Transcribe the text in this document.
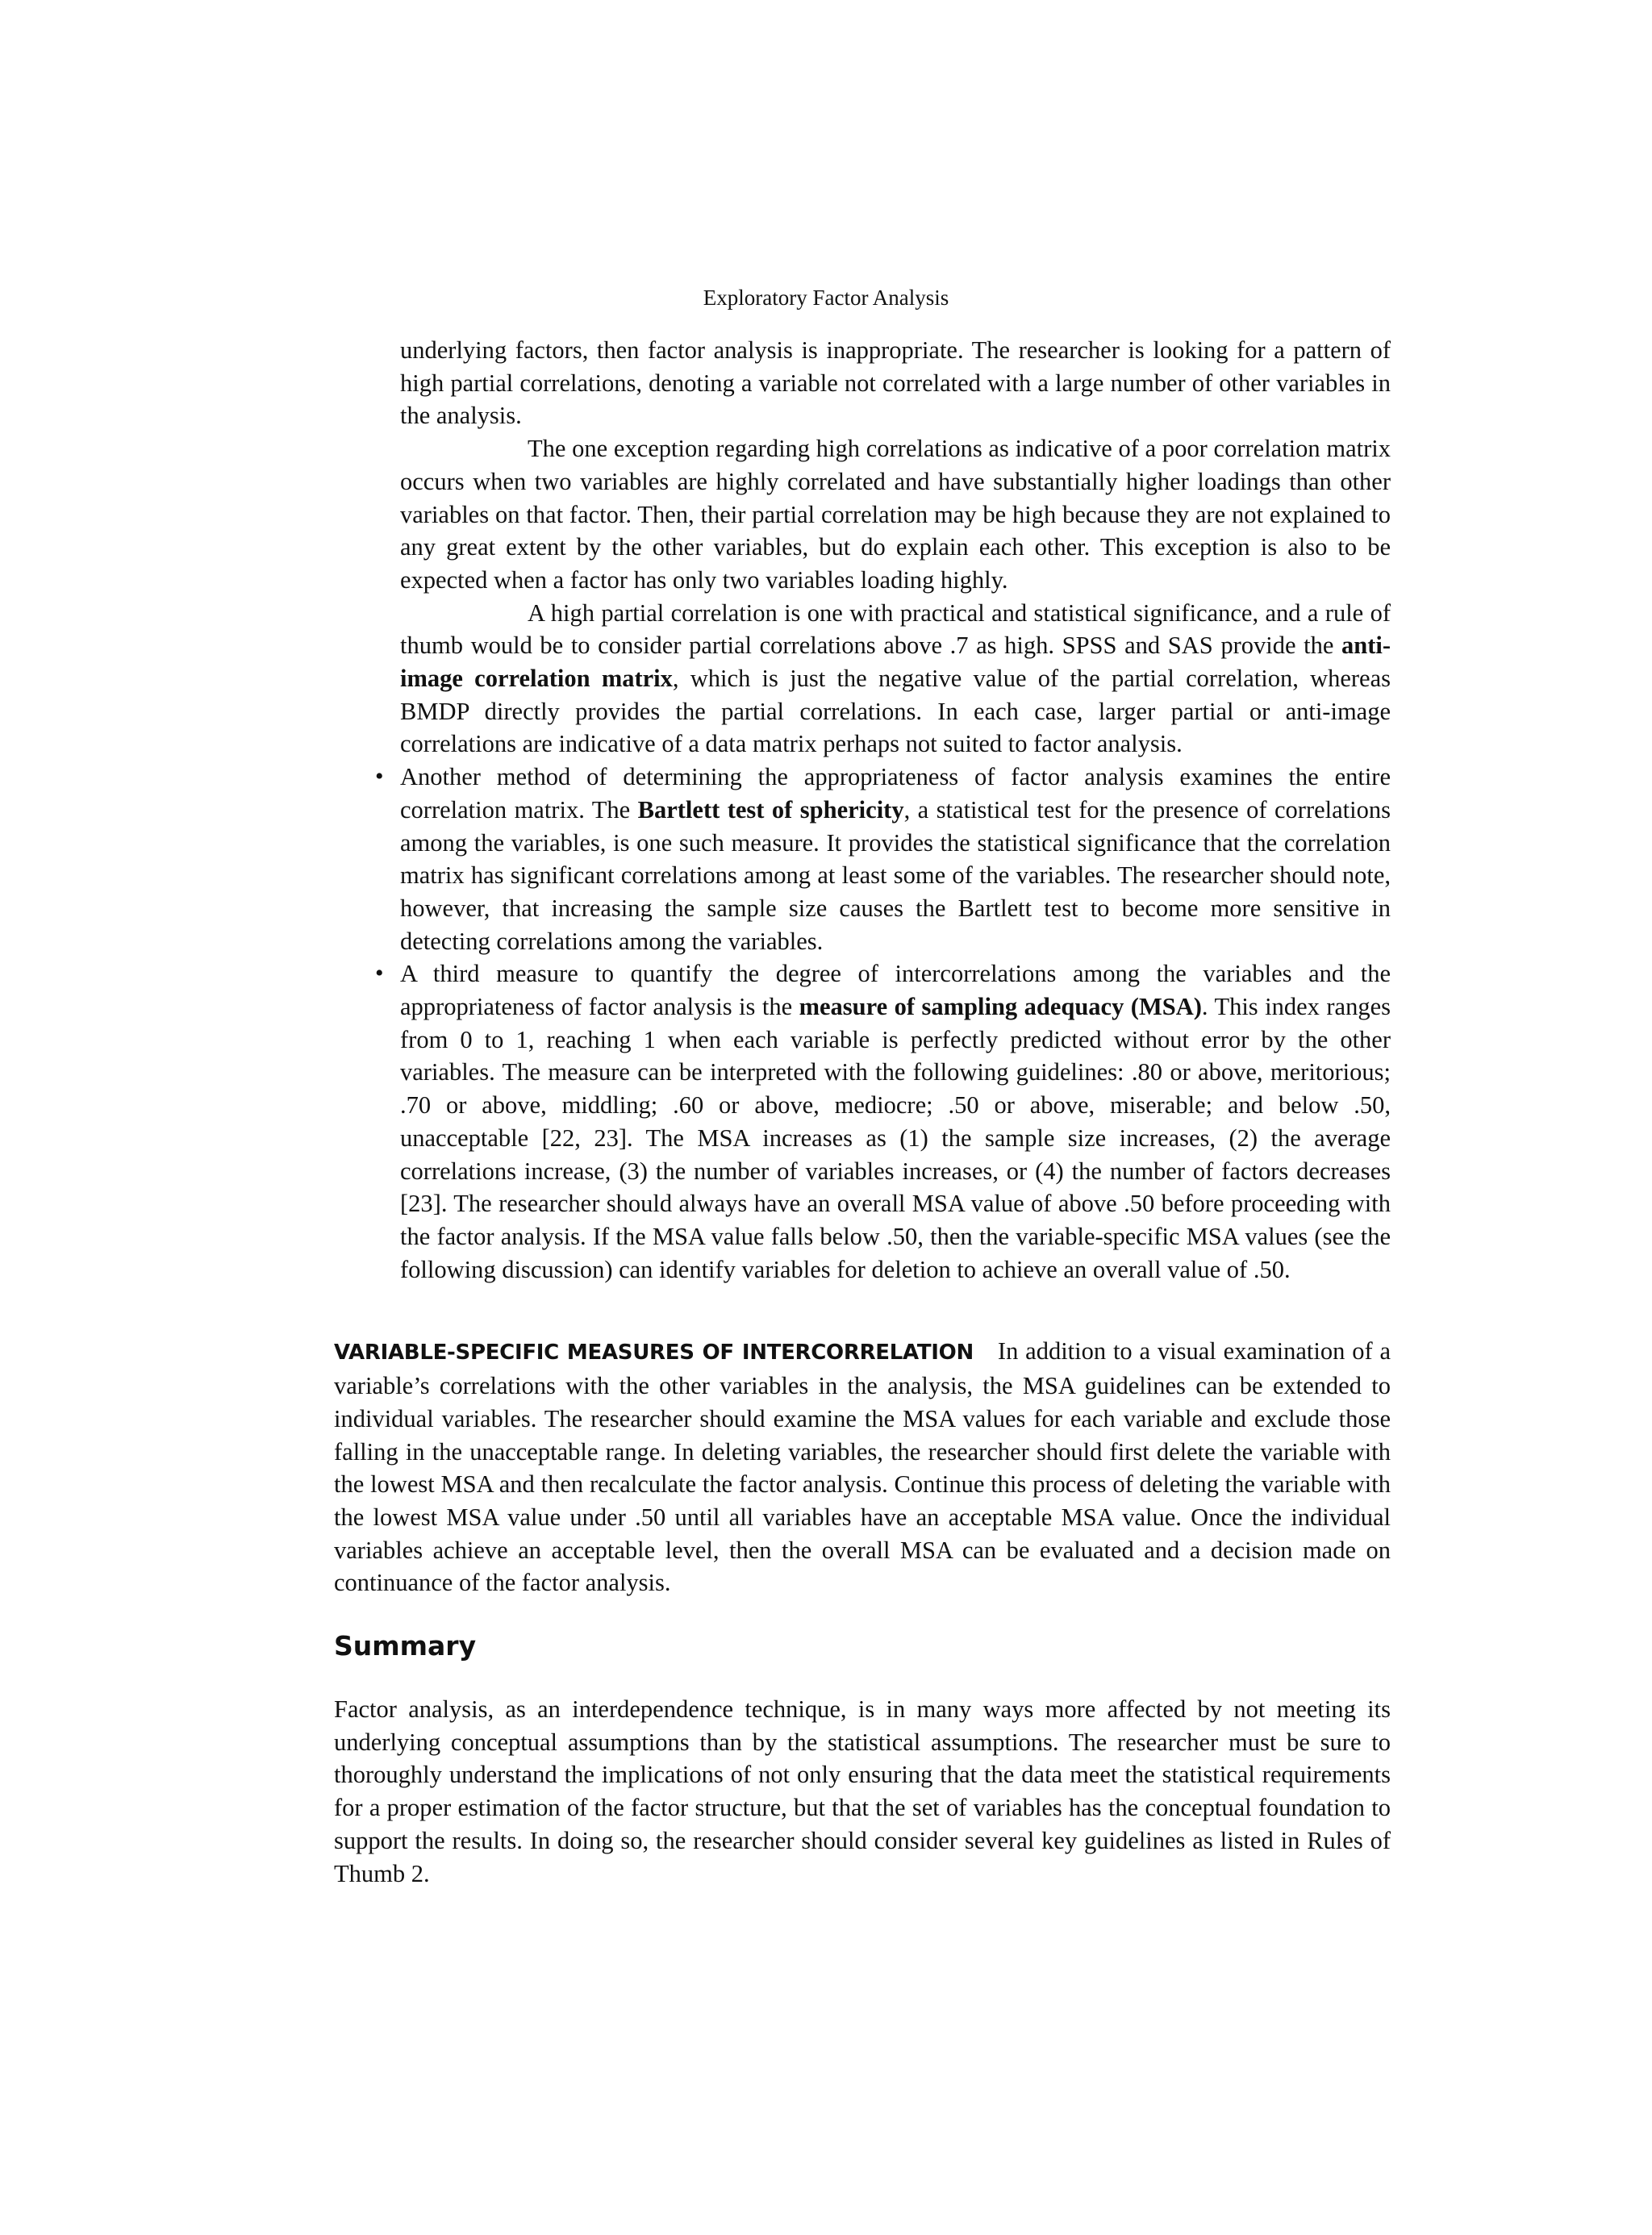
Exploratory Factor Analysis

underlying factors, then factor analysis is inappropriate. The researcher is looking for a pattern of high partial correlations, denoting a variable not correlated with a large number of other variables in the analysis.

The one exception regarding high correlations as indicative of a poor correlation matrix occurs when two variables are highly correlated and have substantially higher loadings than other variables on that factor. Then, their partial correlation may be high because they are not explained to any great extent by the other variables, but do explain each other. This exception is also to be expected when a factor has only two variables loading highly.

A high partial correlation is one with practical and statistical significance, and a rule of thumb would be to consider partial correlations above .7 as high. SPSS and SAS provide the anti-image correlation matrix, which is just the negative value of the partial correlation, whereas BMDP directly provides the partial correlations. In each case, larger partial or anti-image correlations are indicative of a data matrix perhaps not suited to factor analysis.

• Another method of determining the appropriateness of factor analysis examines the entire correlation matrix. The Bartlett test of sphericity, a statistical test for the presence of correlations among the variables, is one such measure. It provides the statistical significance that the correlation matrix has significant correlations among at least some of the variables. The researcher should note, however, that increasing the sample size causes the Bartlett test to become more sensitive in detecting correlations among the variables.

• A third measure to quantify the degree of intercorrelations among the variables and the appropriateness of factor analysis is the measure of sampling adequacy (MSA). This index ranges from 0 to 1, reaching 1 when each variable is perfectly predicted without error by the other variables. The measure can be interpreted with the following guidelines: .80 or above, meritorious; .70 or above, middling; .60 or above, mediocre; .50 or above, miserable; and below .50, unacceptable [22, 23]. The MSA increases as (1) the sample size increases, (2) the average correlations increase, (3) the number of variables increases, or (4) the number of factors decreases [23]. The researcher should always have an overall MSA value of above .50 before proceeding with the factor analysis. If the MSA value falls below .50, then the variable-specific MSA values (see the following discussion) can identify variables for deletion to achieve an overall value of .50.

VARIABLE-SPECIFIC MEASURES OF INTERCORRELATION In addition to a visual examination of a variable’s correlations with the other variables in the analysis, the MSA guidelines can be extended to individual variables. The researcher should examine the MSA values for each variable and exclude those falling in the unacceptable range. In deleting variables, the researcher should first delete the variable with the lowest MSA and then recalculate the factor analysis. Continue this process of deleting the variable with the lowest MSA value under .50 until all variables have an acceptable MSA value. Once the individual variables achieve an acceptable level, then the overall MSA can be evaluated and a decision made on continuance of the factor analysis.

Summary

Factor analysis, as an interdependence technique, is in many ways more affected by not meeting its underlying conceptual assumptions than by the statistical assumptions. The researcher must be sure to thoroughly understand the implications of not only ensuring that the data meet the statistical requirements for a proper estimation of the factor structure, but that the set of variables has the conceptual foundation to support the results. In doing so, the researcher should consider several key guidelines as listed in Rules of Thumb 2.
